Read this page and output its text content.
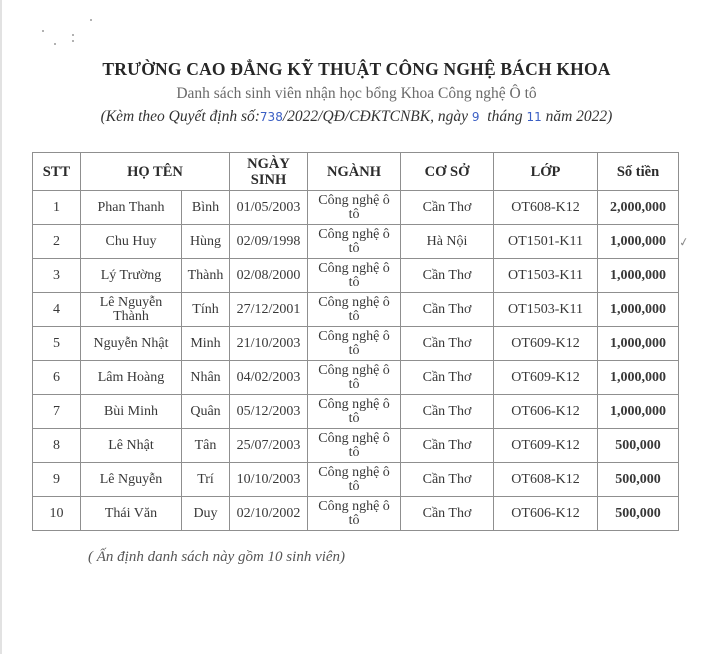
TRƯỜNG CAO ĐẲNG KỸ THUẬT CÔNG NGHỆ BÁCH KHOA
Danh sách sinh viên nhận học bổng Khoa Công nghệ Ô tô
(Kèm theo Quyết định số:738/2022/QĐ/CĐKTCNBK, ngày 9 tháng 11 năm 2022)
STT	HỌ TÊN		NGÀY SINH	NGÀNH	CƠ SỞ	LỚP	Số tiền
1	Phan Thanh	Bình	01/05/2003	Công nghệ ô tô	Cần Thơ	OT608-K12	2,000,000
2	Chu Huy	Hùng	02/09/1998	Công nghệ ô tô	Hà Nội	OT1501-K11	1,000,000
3	Lý Trường	Thành	02/08/2000	Công nghệ ô tô	Cần Thơ	OT1503-K11	1,000,000
4	Lê Nguyễn Thành	Tính	27/12/2001	Công nghệ ô tô	Cần Thơ	OT1503-K11	1,000,000
5	Nguyễn Nhật	Minh	21/10/2003	Công nghệ ô tô	Cần Thơ	OT609-K12	1,000,000
6	Lâm Hoàng	Nhân	04/02/2003	Công nghệ ô tô	Cần Thơ	OT609-K12	1,000,000
7	Bùi Minh	Quân	05/12/2003	Công nghệ ô tô	Cần Thơ	OT606-K12	1,000,000
8	Lê Nhật	Tân	25/07/2003	Công nghệ ô tô	Cần Thơ	OT609-K12	500,000
9	Lê Nguyễn	Trí	10/10/2003	Công nghệ ô tô	Cần Thơ	OT608-K12	500,000
10	Thái Văn	Duy	02/10/2002	Công nghệ ô tô	Cần Thơ	OT606-K12	500,000
✓
( Ấn định danh sách này gồm 10 sinh viên)
